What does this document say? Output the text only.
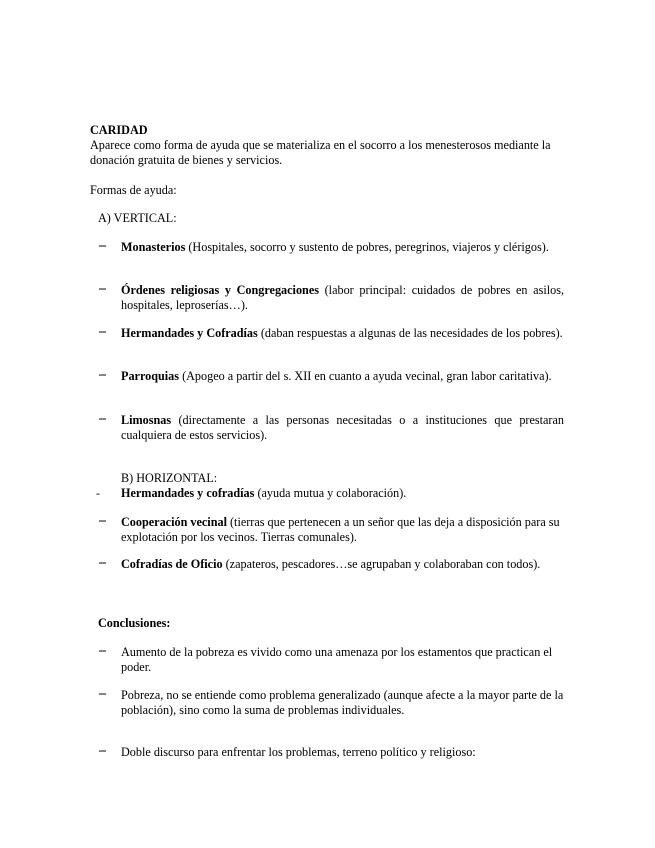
CARIDAD
Aparece como forma de ayuda que se materializa en el socorro a los menesterosos mediante la donación gratuita de bienes y servicios.
Formas de ayuda:
A) VERTICAL:
– Monasterios (Hospitales, socorro y sustento de pobres, peregrinos, viajeros y clérigos).
– Órdenes religiosas y Congregaciones (labor principal: cuidados de pobres en asilos, hospitales, leproserías…).
– Hermandades y Cofradías (daban respuestas a algunas de las necesidades de los pobres).
– Parroquias (Apogeo a partir del s. XII en cuanto a ayuda vecinal, gran labor caritativa).
– Limosnas (directamente a las personas necesitadas o a instituciones que prestaran cualquiera de estos servicios).
B) HORIZONTAL:
- Hermandades y cofradías (ayuda mutua y colaboración).
– Cooperación vecinal (tierras que pertenecen a un señor que las deja a disposición para su explotación por los vecinos. Tierras comunales).
– Cofradías de Oficio (zapateros, pescadores…se agrupaban y colaboraban con todos).
Conclusiones:
– Aumento de la pobreza es vivido como una amenaza por los estamentos que practican el poder.
– Pobreza, no se entiende como problema generalizado (aunque afecte a la mayor parte de la población), sino como la suma de problemas individuales.
– Doble discurso para enfrentar los problemas, terreno político y religioso:
